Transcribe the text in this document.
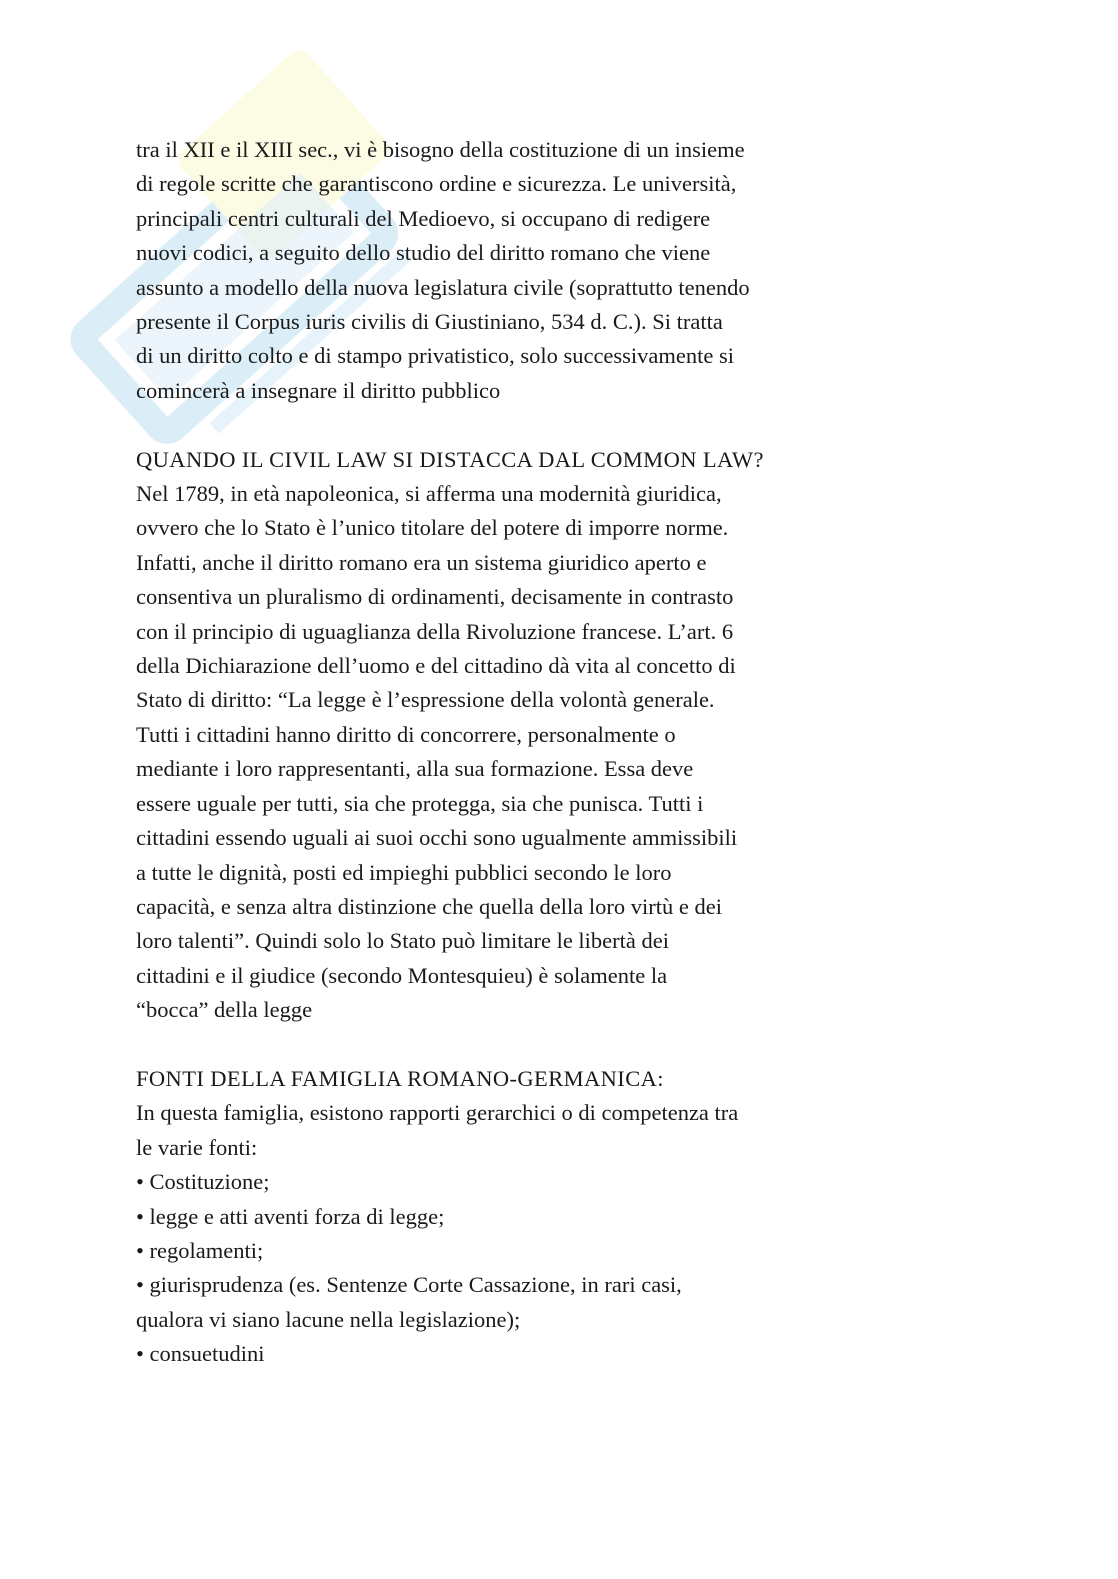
tra il XII e il XIII sec., vi è bisogno della costituzione di un insieme
di regole scritte che garantiscono ordine e sicurezza. Le università,
principali centri culturali del Medioevo, si occupano di redigere
nuovi codici, a seguito dello studio del diritto romano che viene
assunto a modello della nuova legislatura civile (soprattutto tenendo
presente il Corpus iuris civilis di Giustiniano, 534 d. C.). Si tratta
di un diritto colto e di stampo privatistico, solo successivamente si
comincerà a insegnare il diritto pubblico

QUANDO IL CIVIL LAW SI DISTACCA DAL COMMON LAW?

Nel 1789, in età napoleonica, si afferma una modernità giuridica,
ovvero che lo Stato è l’unico titolare del potere di imporre norme.
Infatti, anche il diritto romano era un sistema giuridico aperto e
consentiva un pluralismo di ordinamenti, decisamente in contrasto
con il principio di uguaglianza della Rivoluzione francese. L’art. 6
della Dichiarazione dell’uomo e del cittadino dà vita al concetto di
Stato di diritto: “La legge è l’espressione della volontà generale.
Tutti i cittadini hanno diritto di concorrere, personalmente o
mediante i loro rappresentanti, alla sua formazione. Essa deve
essere uguale per tutti, sia che protegga, sia che punisca. Tutti i
cittadini essendo uguali ai suoi occhi sono ugualmente ammissibili
a tutte le dignità, posti ed impieghi pubblici secondo le loro
capacità, e senza altra distinzione che quella della loro virtù e dei
loro talenti”. Quindi solo lo Stato può limitare le libertà dei
cittadini e il giudice (secondo Montesquieu) è solamente la
“bocca” della legge

FONTI DELLA FAMIGLIA ROMANO-GERMANICA:

In questa famiglia, esistono rapporti gerarchici o di competenza tra
le varie fonti:

• Costituzione;
• legge e atti aventi forza di legge;
• regolamenti;
• giurisprudenza (es. Sentenze Corte Cassazione, in rari casi,
qualora vi siano lacune nella legislazione);
• consuetudini
